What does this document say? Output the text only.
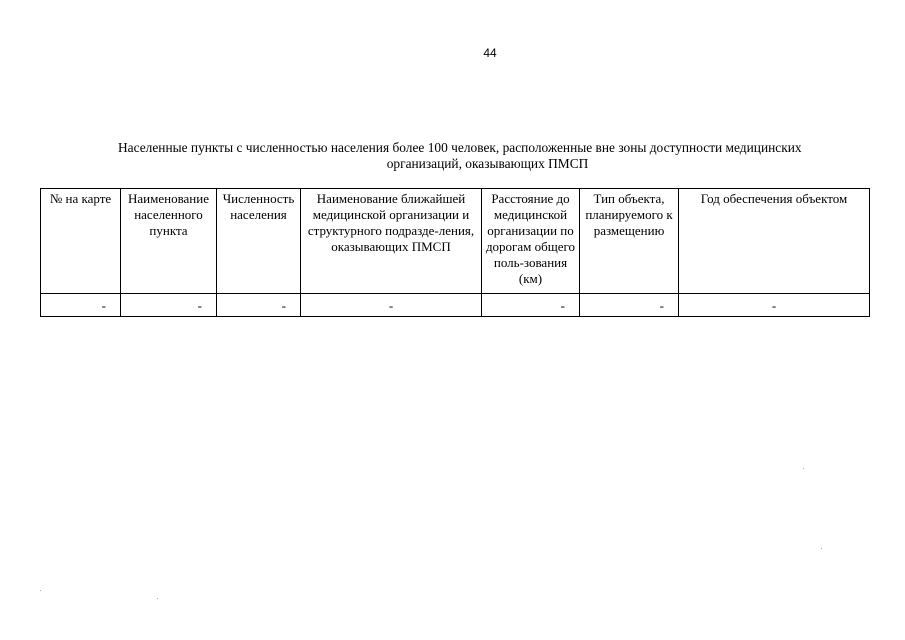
44
Населенные пункты с численностью населения более 100 человек, расположенные вне зоны доступности медицинских
организаций, оказывающих ПМСП
№ на карте	Наименование населенного пункта	Численность населения	Наименование ближайшей медицинской организации и структурного подразде-ления, оказывающих ПМСП	Расстояние до медицинской организации по дорогам общего поль-зования (км)	Тип объекта, планируемого к размещению	Год обеспечения объектом
-	-	-	-	-	-	-
